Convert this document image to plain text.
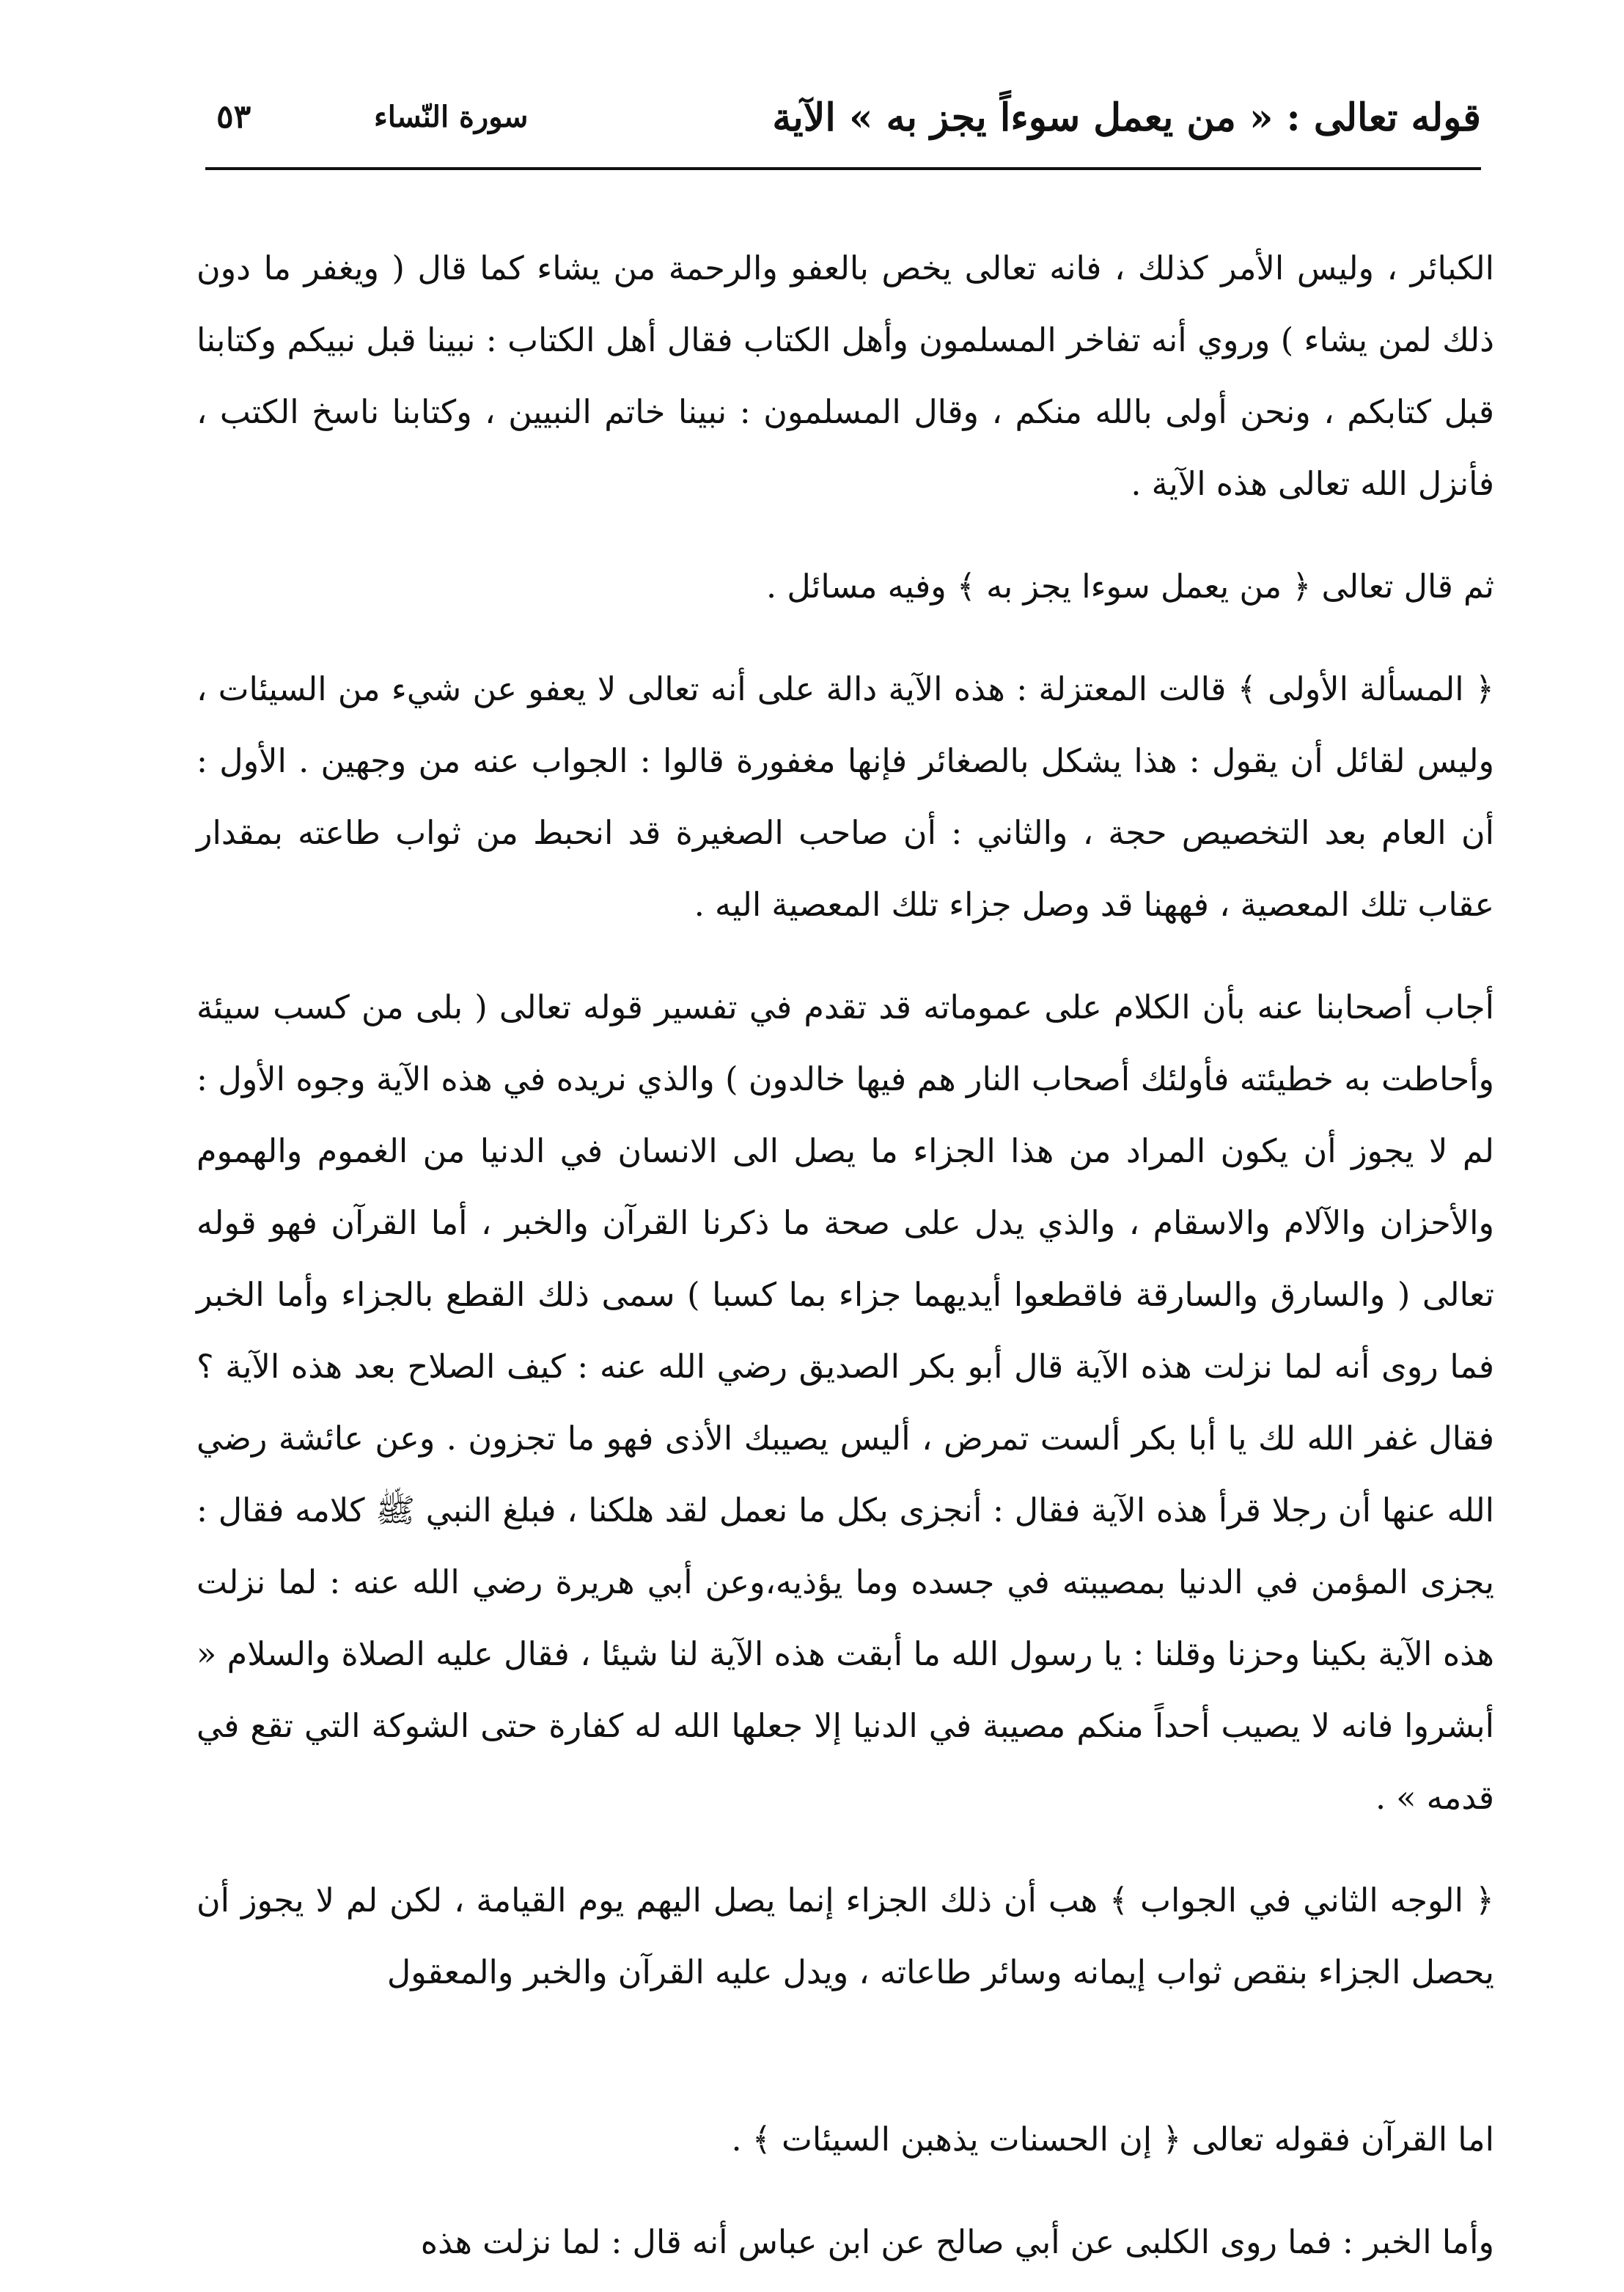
قوله تعالى : « من يعمل سوءاً يجز به » الآية
سورة النّساء
٥٣

الكبائر ، وليس الأمر كذلك ، فانه تعالى يخص بالعفو والرحمة من يشاء كما قال ( ويغفر ما دون ذلك لمن يشاء ) وروي أنه تفاخر المسلمون وأهل الكتاب فقال أهل الكتاب : نبينا قبل نبيكم وكتابنا قبل كتابكم ، ونحن أولى بالله منكم ، وقال المسلمون : نبينا خاتم النبيين ، وكتابنا ناسخ الكتب ، فأنزل الله تعالى هذه الآية .

ثم قال تعالى ﴿ من يعمل سوءا يجز به ﴾ وفيه مسائل .

﴿ المسألة الأولى ﴾ قالت المعتزلة : هذه الآية دالة على أنه تعالى لا يعفو عن شيء من السيئات ، وليس لقائل أن يقول : هذا يشكل بالصغائر فإنها مغفورة قالوا : الجواب عنه من وجهين . الأول : أن العام بعد التخصيص حجة ، والثاني : أن صاحب الصغيرة قد انحبط من ثواب طاعته بمقدار عقاب تلك المعصية ، فههنا قد وصل جزاء تلك المعصية اليه .

أجاب أصحابنا عنه بأن الكلام على عموماته قد تقدم في تفسير قوله تعالى ( بلى من كسب سيئة وأحاطت به خطيئته فأولئك أصحاب النار هم فيها خالدون ) والذي نريده في هذه الآية وجوه الأول : لم لا يجوز أن يكون المراد من هذا الجزاء ما يصل الى الانسان في الدنيا من الغموم والهموم والأحزان والآلام والاسقام ، والذي يدل على صحة ما ذكرنا القرآن والخبر ، أما القرآن فهو قوله تعالى ( والسارق والسارقة فاقطعوا أيديهما جزاء بما كسبا ) سمى ذلك القطع بالجزاء وأما الخبر فما روى أنه لما نزلت هذه الآية قال أبو بكر الصديق رضي الله عنه : كيف الصلاح بعد هذه الآية ؟ فقال غفر الله لك يا أبا بكر ألست تمرض ، أليس يصيبك الأذى فهو ما تجزون . وعن عائشة رضي الله عنها أن رجلا قرأ هذه الآية فقال : أنجزى بكل ما نعمل لقد هلكنا ، فبلغ النبي ﷺ كلامه فقال : يجزى المؤمن في الدنيا بمصيبته في جسده وما يؤذيه،وعن أبي هريرة رضي الله عنه : لما نزلت هذه الآية بكينا وحزنا وقلنا : يا رسول الله ما أبقت هذه الآية لنا شيئا ، فقال عليه الصلاة والسلام « أبشروا فانه لا يصيب أحداً منكم مصيبة في الدنيا إلا جعلها الله له كفارة حتى الشوكة التي تقع في قدمه » .

﴿ الوجه الثاني في الجواب ﴾ هب أن ذلك الجزاء إنما يصل اليهم يوم القيامة ، لكن لم لا يجوز أن يحصل الجزاء بنقص ثواب إيمانه وسائر طاعاته ، ويدل عليه القرآن والخبر والمعقول

اما القرآن فقوله تعالى ﴿ إن الحسنات يذهبن السيئات ﴾ .

وأما الخبر : فما روى الكلبى عن أبي صالح عن ابن عباس أنه قال : لما نزلت هذه
